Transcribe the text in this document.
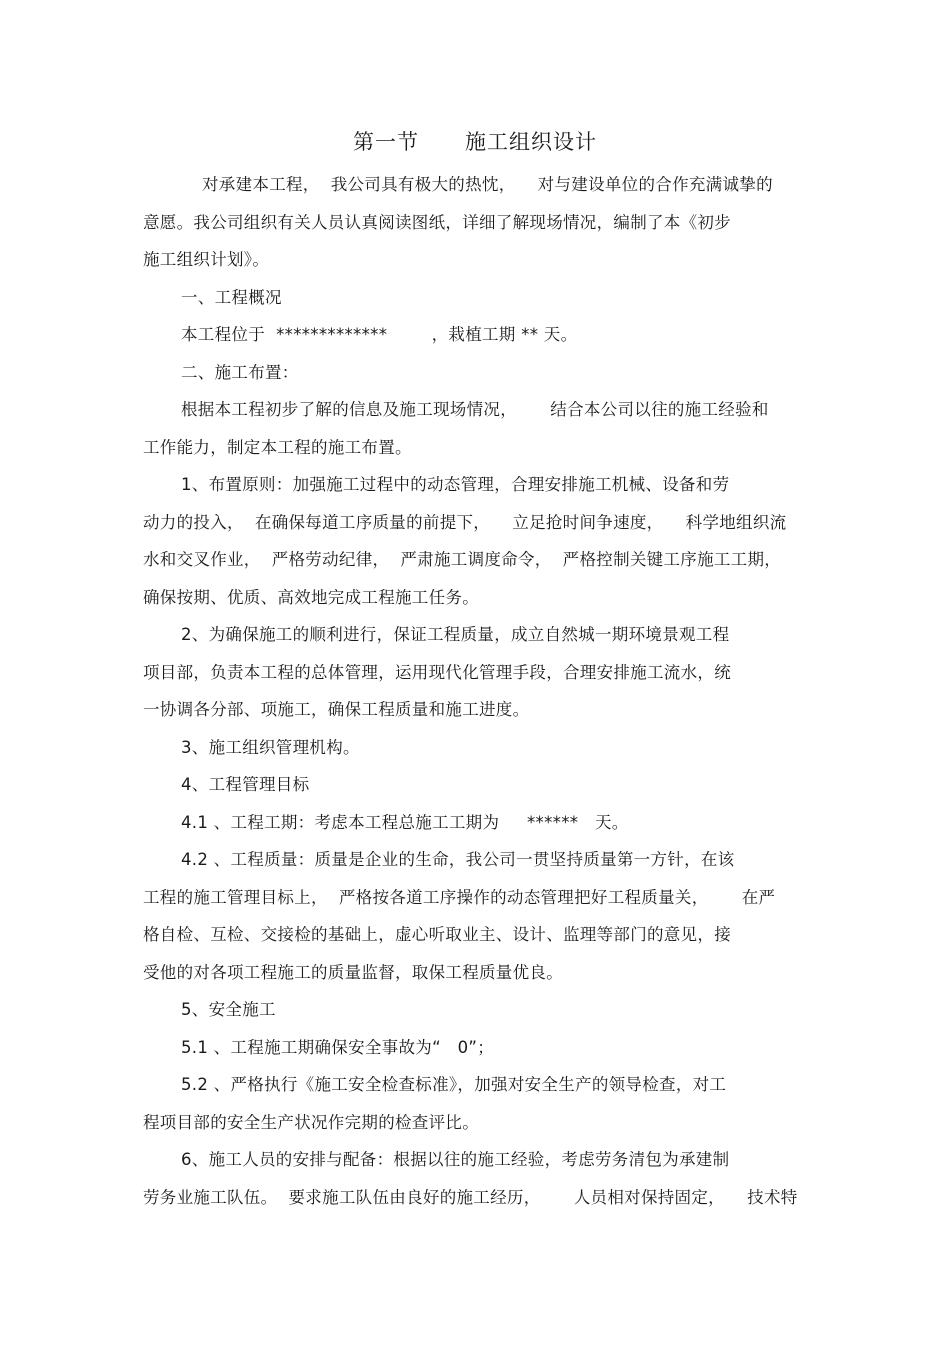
第一节      施工组织设计
对承建本工程，  我公司具有极大的热忱，    对与建设单位的合作充满诚挚的
意愿。我公司组织有关人员认真阅读图纸，详细了解现场情况，编制了本《初步
施工组织计划》。
一、工程概况
本工程位于  *************        ，栽植工期 ** 天。
二、施工布置：
根据本工程初步了解的信息及施工现场情况，      结合本公司以往的施工经验和
工作能力，制定本工程的施工布置。
1、布置原则：加强施工过程中的动态管理，合理安排施工机械、设备和劳
动力的投入，  在确保每道工序质量的前提下，    立足抢时间争速度，    科学地组织流
水和交叉作业，  严格劳动纪律，  严肃施工调度命令，  严格控制关键工序施工工期，
确保按期、优质、高效地完成工程施工任务。
2、为确保施工的顺利进行，保证工程质量，成立自然城一期环境景观工程
项目部，负责本工程的总体管理，运用现代化管理手段，合理安排施工流水，统
一协调各分部、项施工，确保工程质量和施工进度。
3、施工组织管理机构。
4、工程管理目标
4.1 、工程工期：考虑本工程总施工工期为     ******   天。
4.2 、工程质量：质量是企业的生命，我公司一贯坚持质量第一方针，在该
工程的施工管理目标上，  严格按各道工序操作的动态管理把好工程质量关，      在严
格自检、互检、交接检的基础上，虚心听取业主、设计、监理等部门的意见，接
受他的对各项工程施工的质量监督，取保工程质量优良。
5、安全施工
5.1 、工程施工期确保安全事故为“   0”；
5.2 、严格执行《施工安全检查标准》，加强对安全生产的领导检查，对工
程项目部的安全生产状况作完期的检查评比。
6、施工人员的安排与配备：根据以往的施工经验，考虑劳务清包为承建制
劳务业施工队伍。  要求施工队伍由良好的施工经历，      人员相对保持固定，    技术特
